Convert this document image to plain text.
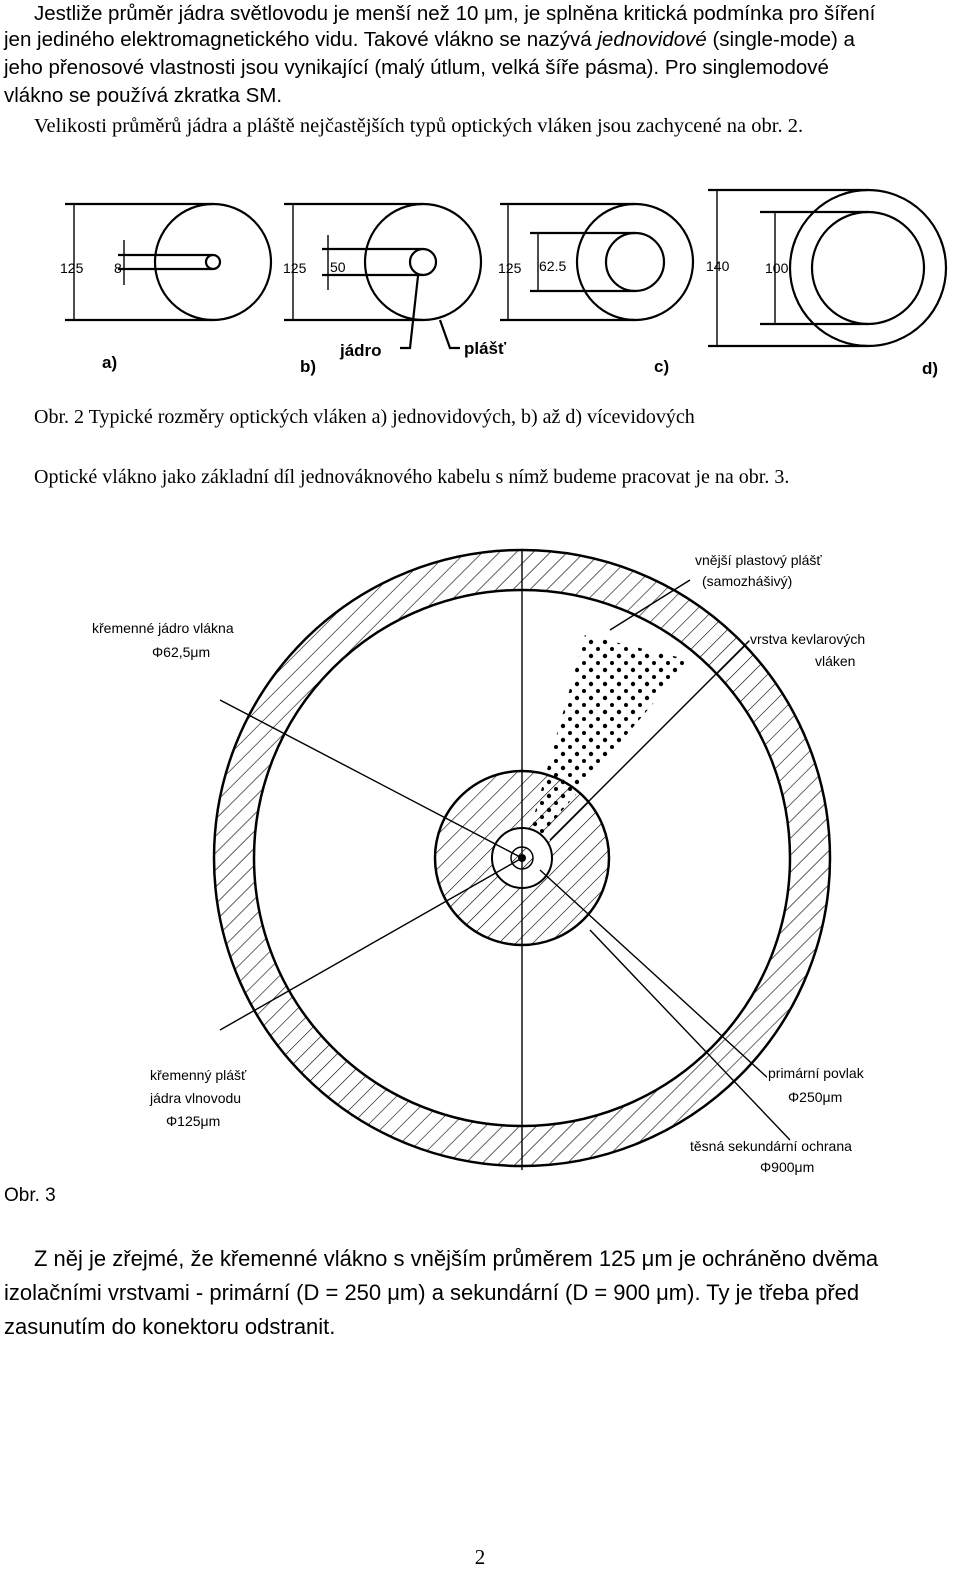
Jestliže průměr jádra světlovodu je menší než 10 μm, je splněna kritická podmínka pro šíření
jen jediného elektromagnetického vidu. Takové vlákno se nazývá jednovidové (single-mode) a
jeho přenosové vlastnosti jsou vynikající (malý útlum, velká šíře pásma). Pro singlemodové
vlákno se používá zkratka SM.
Velikosti průměrů jádra a pláště nejčastějších typů optických vláken jsou zachycené na obr. 2.
125 8	125 50	125 62.5	140	100
a)	b)	c)	d)
jádro	plášť
Obr. 2 Typické rozměry optických vláken a) jednovidových, b) až d) vícevidových
Optické vlákno jako základní díl jednováknového kabelu s nímž budeme pracovat je na obr. 3.
vnější plastový plášť
(samozhášivý)
vrstva kevlarových
vláken
křemenné jádro vlákna
Φ62,5μm
křemenný plášť
jádra vlnovodu
Φ125μm
primární povlak
Φ250μm
těsná sekundární ochrana
Φ900μm
Obr. 3
Z něj je zřejmé, že křemenné vlákno s vnějším průměrem 125 μm je ochráněno dvěma
izolačními vrstvami - primární (D = 250 μm) a sekundární (D = 900 μm). Ty je třeba před
zasunutím do konektoru odstranit.
2
